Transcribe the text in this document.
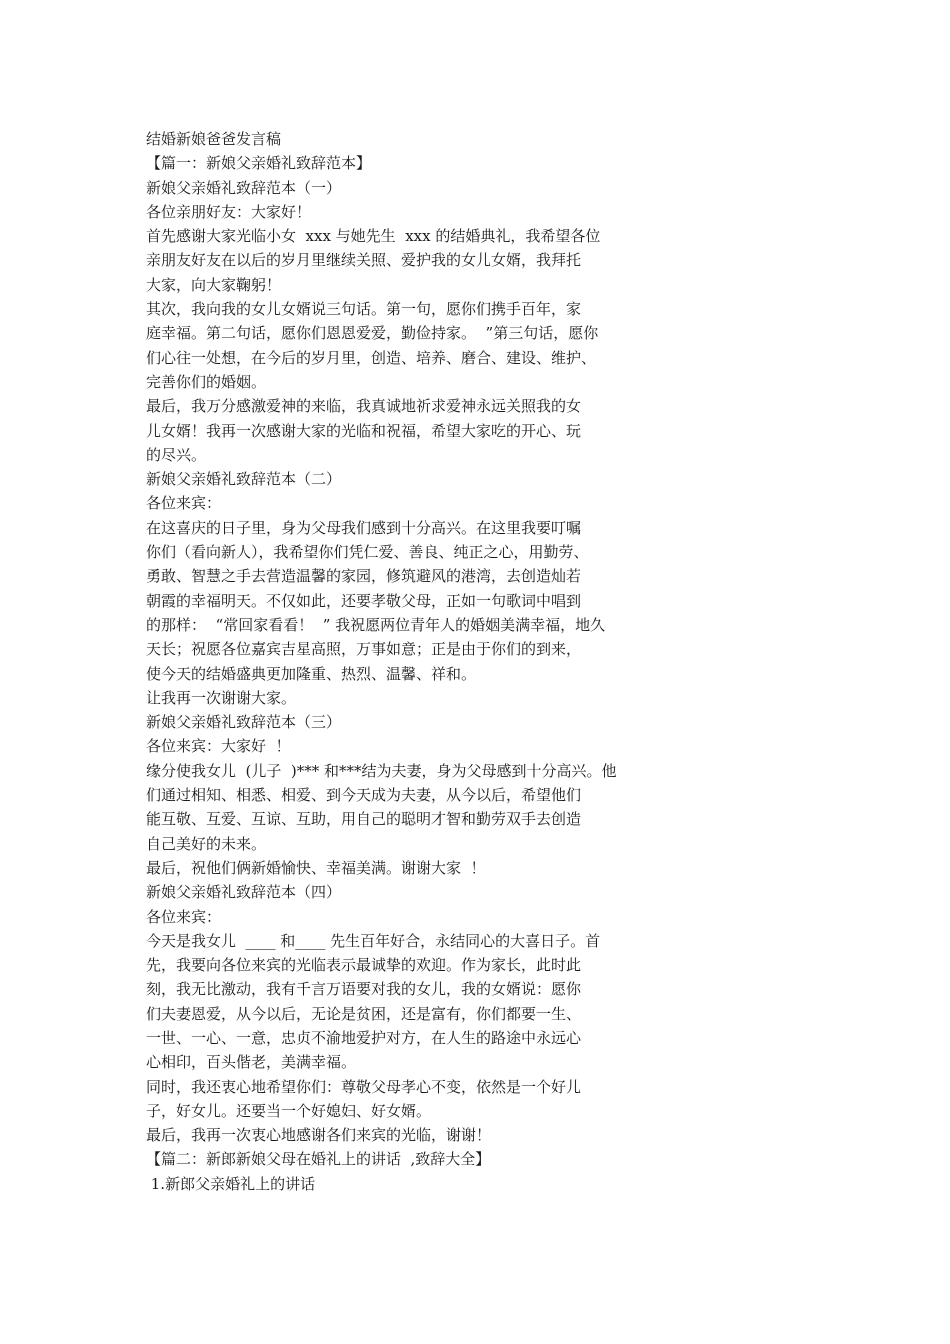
结婚新娘爸爸发言稿
【篇一：新娘父亲婚礼致辞范本】
新娘父亲婚礼致辞范本（一）
各位亲朋好友：大家好！
首先感谢大家光临小女  xxx 与她先生  xxx 的结婚典礼，我希望各位
亲朋友好友在以后的岁月里继续关照、爱护我的女儿女婿，我拜托
大家，向大家鞠躬！
其次，我向我的女儿女婿说三句话。第一句，愿你们携手百年，家
庭幸福。第二句话，愿你们恩恩爱爱，勤俭持家。  ”第三句话，愿你
们心往一处想，在今后的岁月里，创造、培养、磨合、建设、维护、
完善你们的婚姻。
最后，我万分感激爱神的来临，我真诚地祈求爱神永远关照我的女
儿女婿！我再一次感谢大家的光临和祝福，希望大家吃的开心、玩
的尽兴。
新娘父亲婚礼致辞范本（二）
各位来宾：
在这喜庆的日子里，身为父母我们感到十分高兴。在这里我要叮嘱
你们（看向新人），我希望你们凭仁爱、善良、纯正之心，用勤劳、
勇敢、智慧之手去营造温馨的家园，修筑避风的港湾，去创造灿若
朝霞的幸福明天。不仅如此，还要孝敬父母，正如一句歌词中唱到
的那样：  “常回家看看！  ” 我祝愿两位青年人的婚姻美满幸福，地久
天长；祝愿各位嘉宾吉星高照，万事如意；正是由于你们的到来，
使今天的结婚盛典更加隆重、热烈、温馨、祥和。
让我再一次谢谢大家。
新娘父亲婚礼致辞范本（三）
各位来宾：大家好  ！
缘分使我女儿  (儿子  )*** 和***结为夫妻，身为父母感到十分高兴。他
们通过相知、相悉、相爱、到今天成为夫妻，从今以后，希望他们
能互敬、互爱、互谅、互助，用自己的聪明才智和勤劳双手去创造
自己美好的未来。
最后，祝他们俩新婚愉快、幸福美满。谢谢大家  ！
新娘父亲婚礼致辞范本（四）
各位来宾：
今天是我女儿  ____ 和____ 先生百年好合，永结同心的大喜日子。首
先，我要向各位来宾的光临表示最诚挚的欢迎。作为家长，此时此
刻，我无比激动，我有千言万语要对我的女儿，我的女婿说：愿你
们夫妻恩爱，从今以后，无论是贫困，还是富有，你们都要一生、
一世、一心、一意，忠贞不渝地爱护对方，在人生的路途中永远心
心相印，百头偕老，美满幸福。
同时，我还衷心地希望你们：尊敬父母孝心不变，依然是一个好儿
子，好女儿。还要当一个好媳妇、好女婿。
最后，我再一次衷心地感谢各们来宾的光临，谢谢！
【篇二：新郎新娘父母在婚礼上的讲话  ,致辞大全】
1.新郎父亲婚礼上的讲话
